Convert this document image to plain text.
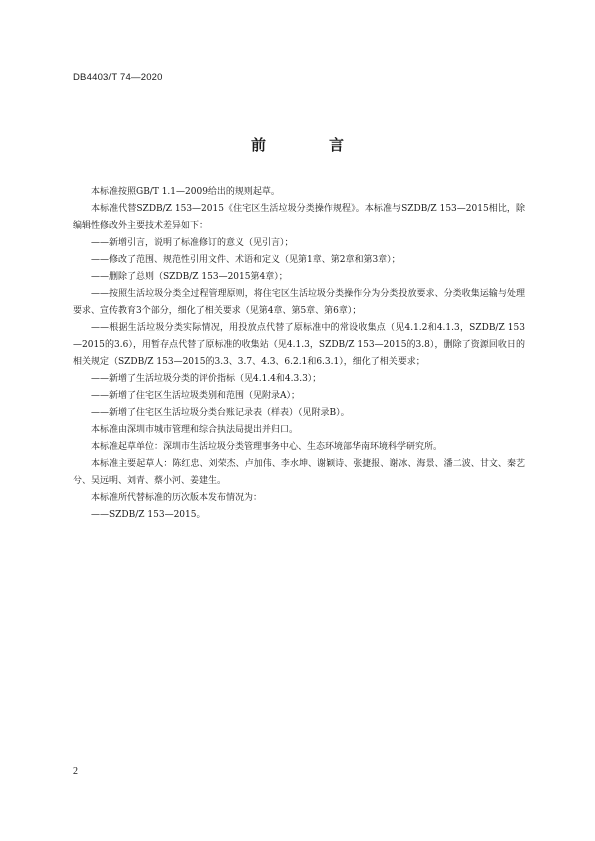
DB4403/T 74—2020
前　言

本标准按照GB/T 1.1—2009给出的规则起草。

本标准代替SZDB/Z 153—2015《住宅区生活垃圾分类操作规程》。本标准与SZDB/Z 153—2015相比，除编辑性修改外主要技术差异如下：

——新增引言，说明了标准修订的意义（见引言）；

——修改了范围、规范性引用文件、术语和定义（见第1章、第2章和第3章）；

——删除了总则（SZDB/Z 153—2015第4章）；

——按照生活垃圾分类全过程管理原则，将住宅区生活垃圾分类操作分为分类投放要求、分类收集运输与处理要求、宣传教育3个部分，细化了相关要求（见第4章、第5章、第6章）；

——根据生活垃圾分类实际情况，用投放点代替了原标准中的常设收集点（见4.1.2和4.1.3，SZDB/Z 153—2015的3.6），用暂存点代替了原标准的收集站（见4.1.3，SZDB/Z 153—2015的3.8），删除了资源回收日的相关规定（SZDB/Z 153—2015的3.3、3.7、4.3、6.2.1和6.3.1），细化了相关要求；

——新增了生活垃圾分类的评价指标（见4.1.4和4.3.3）；

——新增了住宅区生活垃圾类别和范围（见附录A）；

——新增了住宅区生活垃圾分类台账记录表（样表）（见附录B）。

本标准由深圳市城市管理和综合执法局提出并归口。

本标准起草单位：深圳市生活垃圾分类管理事务中心、生态环境部华南环境科学研究所。

本标准主要起草人：陈红忠、刘荣杰、卢加伟、李水坤、谢颖诗、张捷报、谢冰、海景、潘二波、甘文、秦艺兮、吴远明、刘青、蔡小河、姜建生。

本标准所代替标准的历次版本发布情况为：

——SZDB/Z 153—2015。

2
